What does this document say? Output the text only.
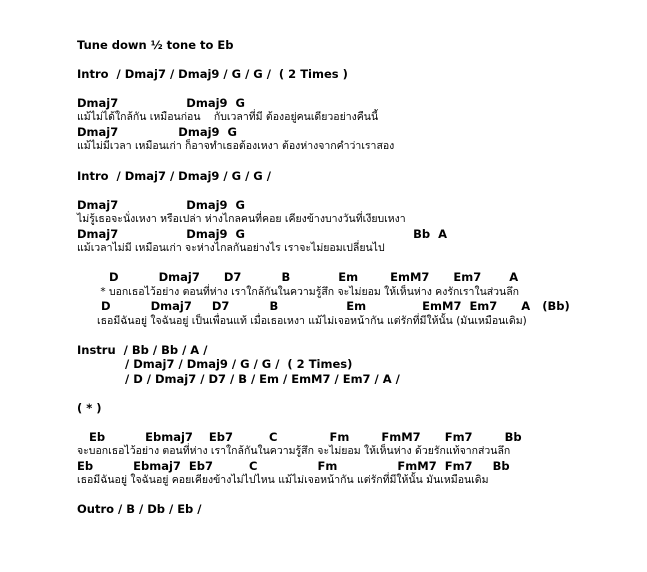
Tune down ½ tone to Eb
Intro  / Dmaj7 / Dmaj9 / G / G /  ( 2 Times )
Dmaj7                 Dmaj9  G
แม้ไม่ได้ใกล้กัน เหมือนก่อน    กับเวลาที่มี ต้องอยู่คนเดียวอย่างคืนนี้
Dmaj7               Dmaj9  G
แม้ไม่มีเวลา เหมือนเก่า ก็อาจทำเธอต้องเหงา ต้องห่างจากคำว่าเราสอง
Intro  / Dmaj7 / Dmaj9 / G / G /
Dmaj7                 Dmaj9  G
ไม่รู้เธอจะนั่งเหงา หรือเปล่า ห่างไกลคนที่คอย เคียงข้างบางวันที่เงียบเหงา
Dmaj7                 Dmaj9  G                                          Bb  A
แม้เวลาไม่มี เหมือนเก่า จะห่างไกลกันอย่างไร เราจะไม่ยอมเปลี่ยนไป
D          Dmaj7      D7          B            Em        EmM7      Em7       A
* บอกเธอไว้อย่าง ตอนที่ห่าง เราใกล้กันในความรู้สึก จะไม่ยอม ให้เห็นห่าง คงรักเราในส่วนลึก
D          Dmaj7     D7          B                 Em              EmM7  Em7      A   (Bb)
เธอมีฉันอยู่ ใจฉันอยู่ เป็นเพื่อนแท้ เมื่อเธอเหงา แม้ไม่เจอหน้ากัน แต่รักที่มีให้นั้น (มันเหมือนเดิม)
Instru  / Bb / Bb / A /
/ Dmaj7 / Dmaj9 / G / G /  ( 2 Times)
/ D / Dmaj7 / D7 / B / Em / EmM7 / Em7 / A /
( * )
Eb          Ebmaj7    Eb7         C             Fm        FmM7      Fm7        Bb
จะบอกเธอไว้อย่าง ตอนที่ห่าง เราใกล้กันในความรู้สึก จะไม่ยอม ให้เห็นห่าง ด้วยรักแท้จากส่วนลึก
Eb          Ebmaj7  Eb7         C               Fm               FmM7  Fm7     Bb
เธอมีฉันอยู่ ใจฉันอยู่ คอยเคียงข้างไม่ไปไหน แม้ไม่เจอหน้ากัน แต่รักที่มีให้นั้น มันเหมือนเดิม
Outro / B / Db / Eb /
